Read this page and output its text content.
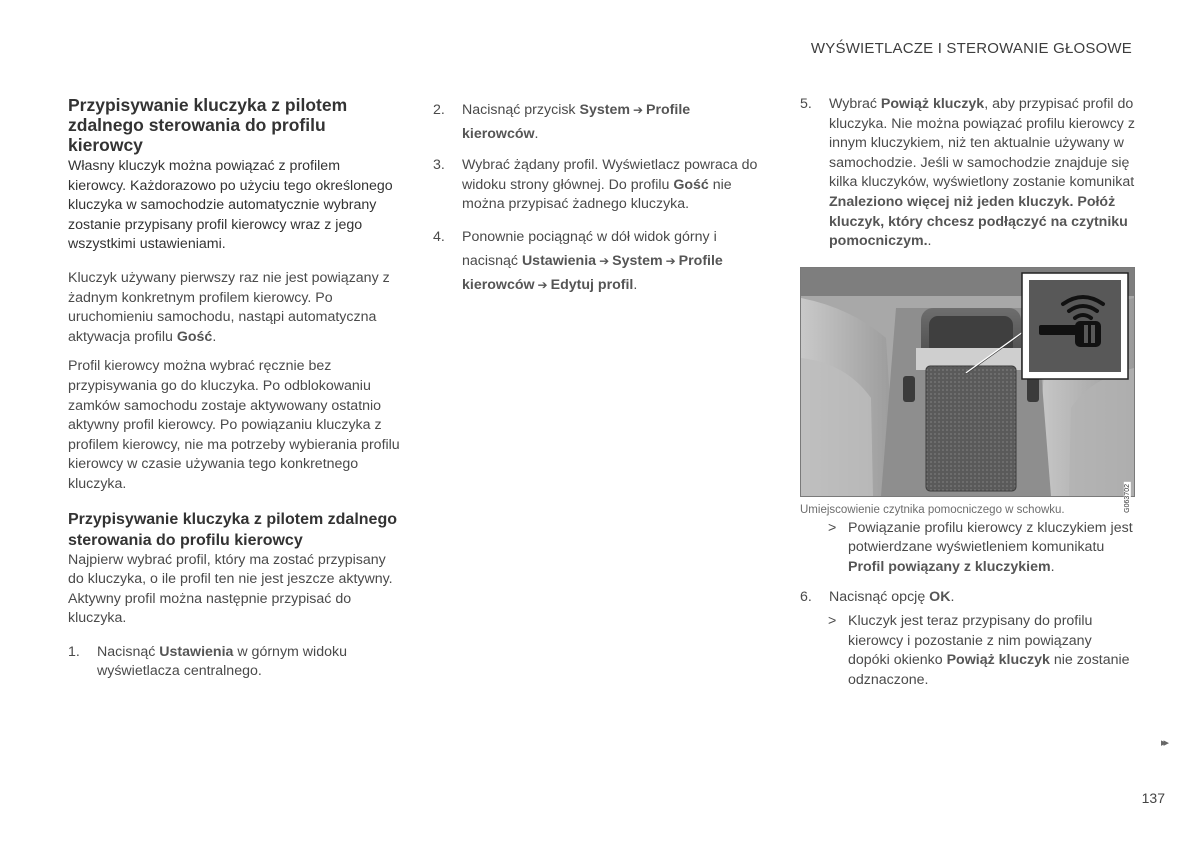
WYŚWIETLACZE I STEROWANIE GŁOSOWE
Przypisywanie kluczyka z pilotem zdalnego sterowania do profilu kierowcy

Własny kluczyk można powiązać z profilem kierowcy. Każdorazowo po użyciu tego określonego kluczyka w samochodzie automatycznie wybrany zostanie przypisany profil kierowcy wraz z jego wszystkimi ustawieniami.

Kluczyk używany pierwszy raz nie jest powiązany z żadnym konkretnym profilem kierowcy. Po uruchomieniu samochodu, nastąpi automatyczna aktywacja profilu Gość.

Profil kierowcy można wybrać ręcznie bez przypisywania go do kluczyka. Po odblokowaniu zamków samochodu zostaje aktywowany ostatnio aktywny profil kierowcy. Po powiązaniu kluczyka z profilem kierowcy, nie ma potrzeby wybierania profilu kierowcy w czasie używania tego konkretnego kluczyka.

Przypisywanie kluczyka z pilotem zdalnego sterowania do profilu kierowcy

Najpierw wybrać profil, który ma zostać przypisany do kluczyka, o ile profil ten nie jest jeszcze aktywny. Aktywny profil można następnie przypisać do kluczyka.

1. Nacisnąć Ustawienia w górnym widoku wyświetlacza centralnego.
2. Nacisnąć przycisk System ➔ Profile kierowców.
3. Wybrać żądany profil. Wyświetlacz powraca do widoku strony głównej. Do profilu Gość nie można przypisać żadnego kluczyka.
4. Ponownie pociągnąć w dół widok górny i nacisnąć Ustawienia ➔ System ➔ Profile kierowców ➔ Edytuj profil.
5. Wybrać Powiąż kluczyk, aby przypisać profil do kluczyka. Nie można powiązać profilu kierowcy z innym kluczykiem, niż ten aktualnie używany w samochodzie. Jeśli w samochodzie znajduje się kilka kluczyków, wyświetlony zostanie komunikat Znaleziono więcej niż jeden kluczyk. Połóż kluczyk, który chcesz podłączyć na czytniku pomocniczym..
G063702
Umiejscowienie czytnika pomocniczego w schowku.
> Powiązanie profilu kierowcy z kluczykiem jest potwierdzane wyświetleniem komunikatu Profil powiązany z kluczykiem.
6. Nacisnąć opcję OK.
> Kluczyk jest teraz przypisany do profilu kierowcy i pozostanie z nim powiązany dopóki okienko Powiąż kluczyk nie zostanie odznaczone.
▸▸
137
